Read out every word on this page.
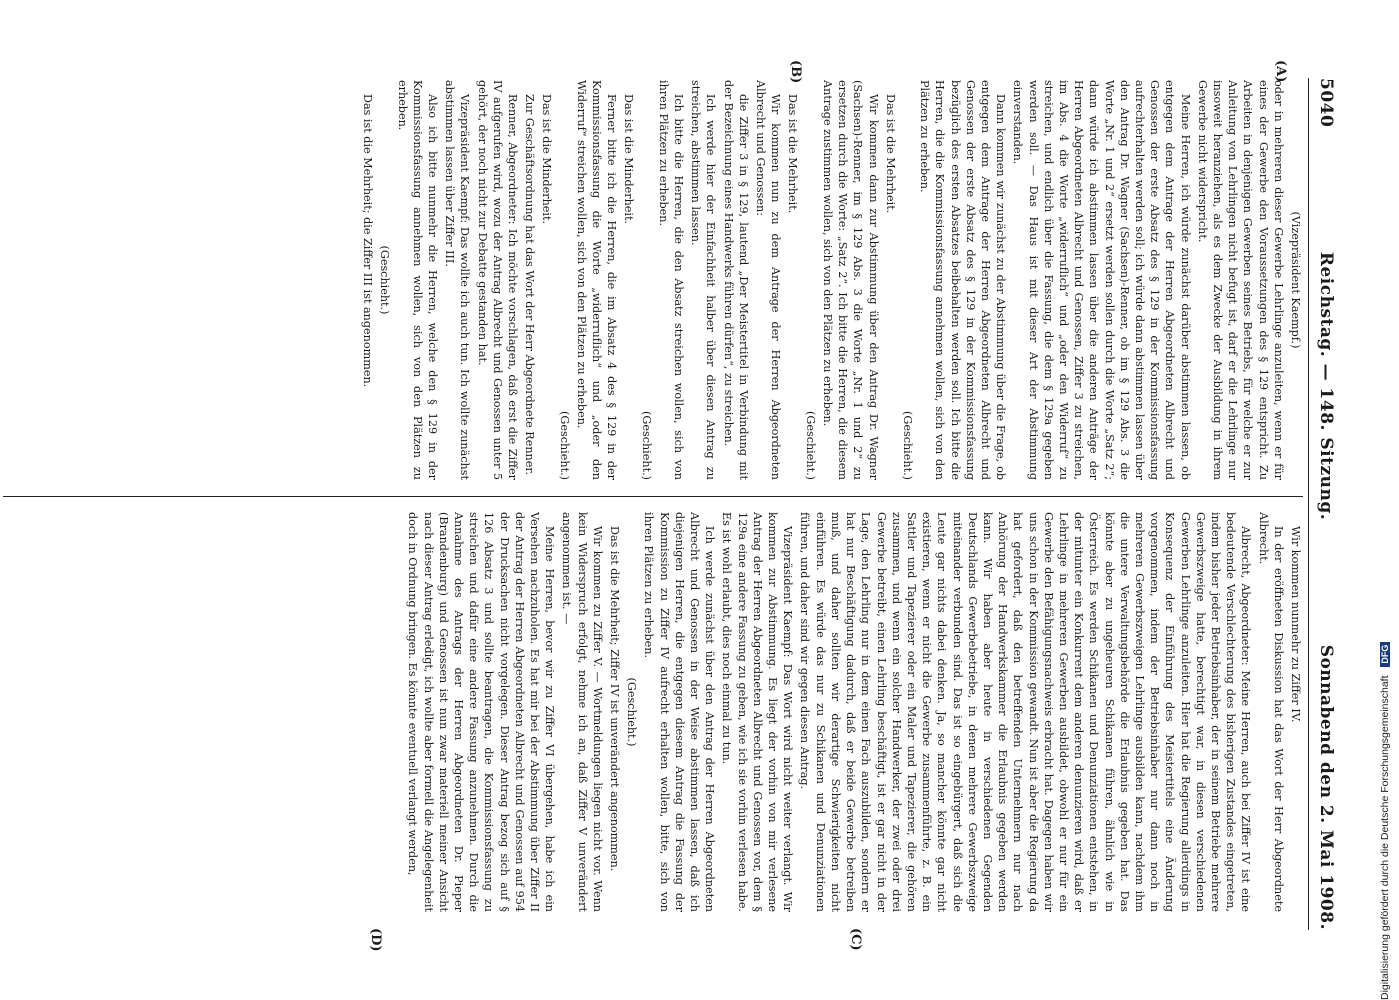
5040
Reichstag. — 148. Sitzung.
Sonnabend den 2. Mai 1908.
(A)
(B)
(C)
(D)

(Vizepräsident Kaempf.)

oder in mehreren dieser Gewerbe Lehrlinge anzuleiten, wenn er für eines der Gewerbe den Voraussetzungen des § 129 entspricht. Zu Arbeiten in denjenigen Gewerben seines Betriebs, für welche er zur Anleitung von Lehrlingen nicht befugt ist, darf er die Lehrlinge nur insoweit heranziehen, als es dem Zwecke der Ausbildung in ihrem Gewerbe nicht widerspricht.

Meine Herren, ich würde zunächst darüber abstimmen lassen, ob entgegen dem Antrage der Herren Abgeordneten Albrecht und Genossen der erste Absatz des § 129 in der Kommissionsfassung aufrechterhalten werden soll; ich würde dann abstimmen lassen über den Antrag Dr. Wagner (Sachsen)-Renner, ob im § 129 Abs. 3 die Worte „Nr. 1 und 2“ ersetzt werden sollen durch die Worte „Satz 2“; dann würde ich abstimmen lassen über die anderen Anträge der Herren Abgeordneten Albrecht und Genossen, Ziffer 3 zu streichen, im Abs. 4 die Worte „widerruflich“ und „oder den Widerruf“ zu streichen, und endlich über die Fassung, die dem § 129a gegeben werden soll. — Das Haus ist mit dieser Art der Abstimmung einverstanden.

Dann kommen wir zunächst zu der Abstimmung über die Frage, ob entgegen dem Antrage der Herren Abgeordneten Albrecht und Genossen der erste Absatz des § 129 in der Kommissionsfassung bezüglich des ersten Absatzes beibehalten werden soll. Ich bitte die Herren, die die Kommissionsfassung annehmen wollen, sich von den Plätzen zu erheben.

(Geschieht.)

Das ist die Mehrheit.

Wir kommen dann zur Abstimmung über den Antrag Dr. Wagner (Sachsen)-Renner, im § 129 Abs. 3 die Worte „Nr. 1 und 2“ zu ersetzen durch die Worte: „Satz 2“. Ich bitte die Herren, die diesem Antrage zustimmen wollen, sich von den Plätzen zu erheben.

(Geschieht.)

Das ist die Mehrheit.

Wir kommen nun zu dem Antrage der Herren Abgeordneten Albrecht und Genossen:

die Ziffer 3 in § 129, lautend „Der Meistertitel in Verbindung mit der Bezeichnung eines Handwerks führen dürfen“, zu streichen.

Ich werde hier der Einfachheit halber über diesen Antrag zu streichen, abstimmen lassen.

Ich bitte die Herren, die den Absatz streichen wollen, sich von ihren Plätzen zu erheben.

(Geschieht.)

Das ist die Minderheit.

Ferner bitte ich die Herren, die im Absatz 4 des § 129 in der Kommissionsfassung die Worte „widerruflich“ und „oder den Widerruf“ streichen wollen, sich von den Plätzen zu erheben.

(Geschieht.)

Das ist die Minderheit.

Zur Geschäftsordnung hat das Wort der Herr Abgeordnete Renner.

Renner, Abgeordneter: Ich möchte vorschlagen, daß erst die Ziffer IV aufgerufen wird, wozu der Antrag Albrecht und Genossen unter 5 gehört, der noch nicht zur Debatte gestanden hat.

Vizepräsident Kaempf: Das wollte ich auch tun. Ich wollte zunächst abstimmen lassen über Ziffer III.

Also ich bitte nunmehr die Herren, welche den § 129 in der Kommissionsfassung annehmen wollen, sich von den Plätzen zu erheben.

(Geschieht.)

Das ist die Mehrheit; die Ziffer III ist angenommen.

Wir kommen nunmehr zu Ziffer IV.

In der eröffneten Diskussion hat das Wort der Herr Abgeordnete Albrecht.

Albrecht, Abgeordneter: Meine Herren, auch bei Ziffer IV ist eine bedeutende Verschlechterung des bisherigen Zustandes eingetreten, indem bisher jeder Betriebsinhaber, der in seinem Betriebe mehrere Gewerbszweige hatte, berechtigt war, in diesen verschiedenen Gewerben Lehrlinge anzuleiten. Hier hat die Regierung allerdings in Konsequenz der Einführung des Meistertitels eine Änderung vorgenommen, indem der Betriebsinhaber nur dann noch in mehreren Gewerbszweigen Lehrlinge ausbilden kann, nachdem ihm die untere Verwaltungsbehörde die Erlaubnis gegeben hat. Das könnte aber zu ungeheuren Schikanen führen, ähnlich wie in Österreich. Es werden Schikanen und Denunziationen entstehen, in der mitunter ein Konkurrent dem anderen denunzieren wird, daß er Lehrlinge in mehreren Gewerben ausbildet, obwohl er nur für ein Gewerbe den Befähigungsnachweis erbracht hat. Dagegen haben wir uns schon in der Kommission gewandt. Nun ist aber die Regierung da hat gefordert, daß den betreffenden Unternehmern nur nach Anhörung der Handwerkskammer die Erlaubnis gegeben werden kann. Wir haben aber heute in verschiedenen Gegenden Deutschlands Gewerbebetriebe, in denen mehrere Gewerbszweige miteinander verbunden sind. Das ist so eingebürgert, daß sich die Leute gar nichts dabei denken. Ja, so mancher könnte gar nicht existieren, wenn er nicht die Gewerbe zusammenführte, z. B. ein Sattler und Tapezierer oder ein Maler und Tapezierer, die gehören zusammen, und wenn ein solcher Handwerker, der zwei oder drei Gewerbe betreibt, einen Lehrling beschäftigt, ist er gar nicht in der Lage, den Lehrling nur in dem einen Fach auszubilden, sondern er hat nur Beschäftigung dadurch, daß er beide Gewerbe betreiben muß, und daher sollten wir derartige Schwierigkeiten nicht einführen. Es würde das nur zu Schikanen und Denunziationen führen, und daher sind wir gegen diesen Antrag.

Vizepräsident Kaempf: Das Wort wird nicht weiter verlangt. Wir kommen zur Abstimmung. Es liegt der vorhin von mir verlesene Antrag der Herren Abgeordneten Albrecht und Genossen vor, dem § 129a eine andere Fassung zu geben, wie ich sie vorhin verlesen habe. Es ist wohl erlaubt, dies noch einmal zu tun.

Ich werde zunächst über den Antrag der Herren Abgeordneten Albrecht und Genossen in der Weise abstimmen lassen, daß ich diejenigen Herren, die entgegen diesem Antrag die Fassung der Kommission zu Ziffer IV aufrecht erhalten wollen, bitte, sich von ihren Plätzen zu erheben.

(Geschieht.)

Das ist die Mehrheit; Ziffer IV ist unverändert angenommen.

Wir kommen zu Ziffer V. — Wortmeldungen liegen nicht vor. Wenn kein Widerspruch erfolgt, nehme ich an, daß Ziffer V unverändert angenommen ist. —

Meine Herren, bevor wir zu Ziffer VI übergehen, habe ich ein Versehen nachzuholen. Es hat mir bei der Abstimmung über Ziffer II der Antrag der Herren Abgeordneten Albrecht und Genossen auf 954 der Drucksachen nicht vorgelegen. Dieser Antrag bezog sich auf § 126 Absatz 3 und sollte beantragen, die Kommissionsfassung zu streichen und dafür eine andere Fassung anzunehmen. Durch die Annahme des Antrags der Herren Abgeordneten Dr. Pieper (Brandenburg) und Genossen ist nun zwar materiell meiner Ansicht nach dieser Antrag erledigt, ich wollte aber formell die Angelegenheit doch in Ordnung bringen. Es könnte eventuell verlangt werden,	Digitalisierung gefördert durch die Deutsche Forschungsgemeinschaft DFG
